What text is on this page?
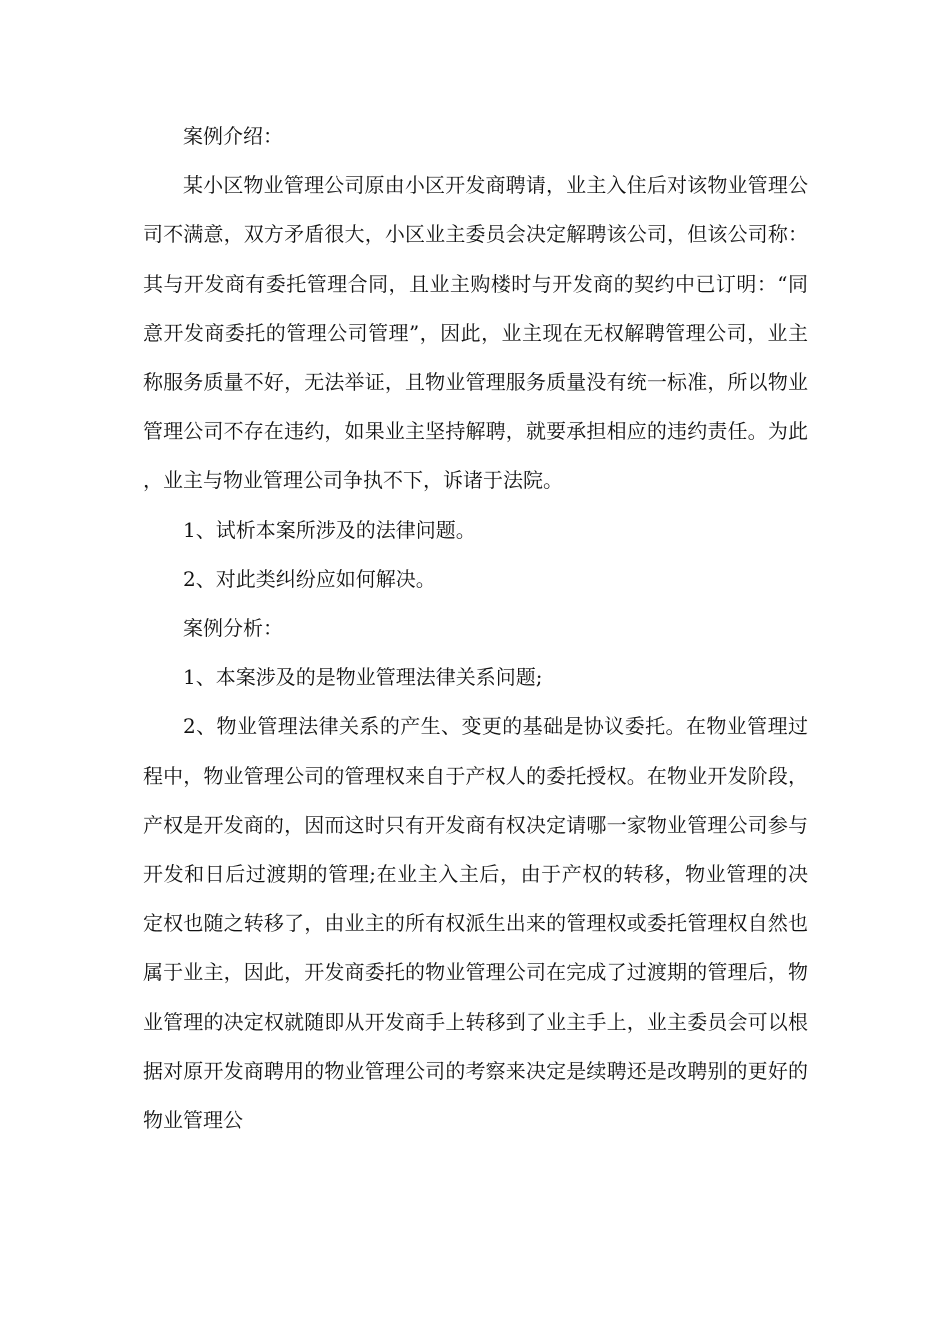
案例介绍：

某小区物业管理公司原由小区开发商聘请，业主入住后对该物业管理公司不满意，双方矛盾很大，小区业主委员会决定解聘该公司，但该公司称：其与开发商有委托管理合同，且业主购楼时与开发商的契约中已订明：“同意开发商委托的管理公司管理”，因此，业主现在无权解聘管理公司，业主称服务质量不好，无法举证，且物业管理服务质量没有统一标准，所以物业管理公司不存在违约，如果业主坚持解聘，就要承担相应的违约责任。为此，业主与物业管理公司争执不下，诉诸于法院。

1、试析本案所涉及的法律问题。

2、对此类纠纷应如何解决。

案例分析：

1、本案涉及的是物业管理法律关系问题;

2、物业管理法律关系的产生、变更的基础是协议委托。在物业管理过程中，物业管理公司的管理权来自于产权人的委托授权。在物业开发阶段，产权是开发商的，因而这时只有开发商有权决定请哪一家物业管理公司参与开发和日后过渡期的管理;在业主入主后，由于产权的转移，物业管理的决定权也随之转移了，由业主的所有权派生出来的管理权或委托管理权自然也属于业主，因此，开发商委托的物业管理公司在完成了过渡期的管理后，物业管理的决定权就随即从开发商手上转移到了业主手上，业主委员会可以根据对原开发商聘用的物业管理公司的考察来决定是续聘还是改聘别的更好的物业管理公
